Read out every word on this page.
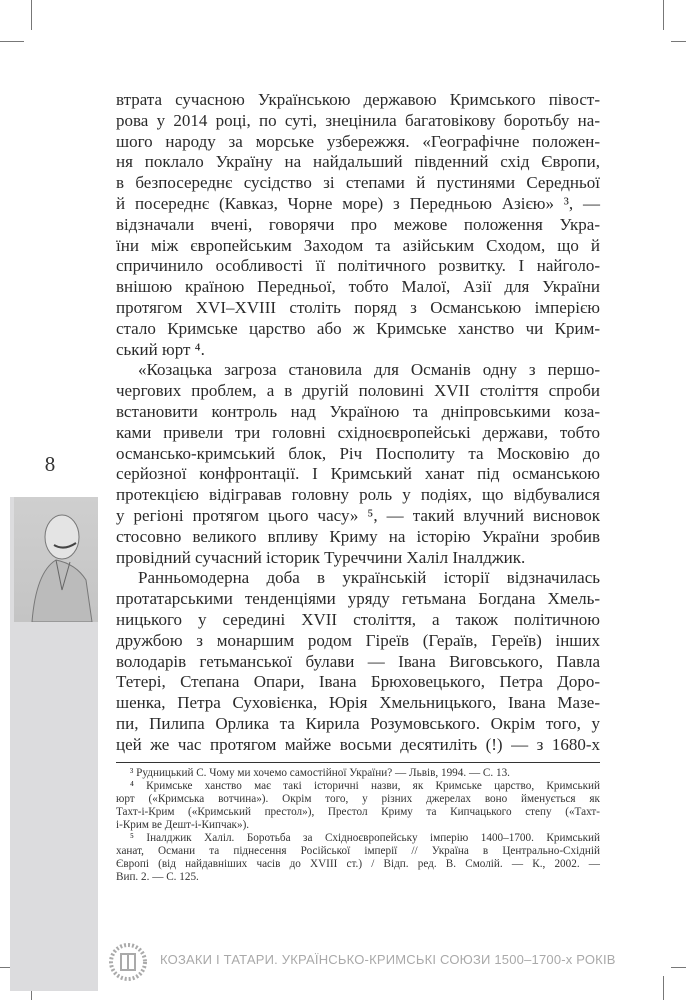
8
втрата сучасною Українською державою Кримського півост-
рова у 2014 році, по суті, знецінила багатовікову боротьбу на-
шого народу за морське узбережжя. «Географічне положен-
ня поклало Україну на найдальший південний схід Європи,
в безпосереднє сусідство зі степами й пустинями Середньої
й посереднє (Кавказ, Чорне море) з Передньою Азією» ³, —
відзначали вчені, говорячи про межове положення Укра-
їни між європейським Заходом та азійським Сходом, що й
спричинило особливості її політичного розвитку. І найголо-
внішою країною Передньої, тобто Малої, Азії для України
протягом XVI–XVIII століть поряд з Османською імперією
стало Кримське царство або ж Кримське ханство чи Крим-
ський юрт ⁴.
«Козацька загроза становила для Османів одну з першо-
чергових проблем, а в другій половині XVII століття спроби
встановити контроль над Україною та дніпровськими коза-
ками привели три головні східноєвропейські держави, тобто
османсько-кримський блок, Річ Посполиту та Московію до
серйозної конфронтації. І Кримський ханат під османською
протекцією відігравав головну роль у подіях, що відбувалися
у регіоні протягом цього часу» ⁵, — такий влучний висновок
стосовно великого впливу Криму на історію України зробив
провідний сучасний історик Туреччини Халіл Іналджик.
Ранньомодерна доба в українській історії відзначилась
протатарськими тенденціями уряду гетьмана Богдана Хмель-
ницького у середині XVII століття, а також політичною
дружбою з монаршим родом Гіреїв (Гераїв, Гереїв) інших
володарів гетьманської булави — Івана Виговського, Павла
Тетері, Степана Опари, Івана Брюховецького, Петра Доро-
шенка, Петра Суховієнка, Юрія Хмельницького, Івана Мазе-
пи, Пилипа Орлика та Кирила Розумовського. Окрім того, у
цей же час протягом майже восьми десятиліть (!) — з 1680-х
³ Рудницький С. Чому ми хочемо самостійної України? — Львів, 1994. — С. 13.
⁴ Кримське ханство має такі історичні назви, як Кримське царство, Кримський
юрт («Кримська вотчина»). Окрім того, у різних джерелах воно йменується як
Тахт-і-Крим («Кримський престол»), Престол Криму та Кипчацького степу («Тахт-
і-Крим ве Дешт-і-Кипчак»).
⁵ Іналджик Халіл. Боротьба за Східноєвропейську імперію 1400–1700. Кримський
ханат, Османи та піднесення Російської імперії // Україна в Центрально-Східній
Європі (від найдавніших часів до XVIII ст.) / Відп. ред. В. Смолій. — К., 2002. —
Вип. 2. — С. 125.
КОЗАКИ І ТАТАРИ. УКРАЇНСЬКО-КРИМСЬКІ СОЮЗИ 1500–1700-х РОКІВ
